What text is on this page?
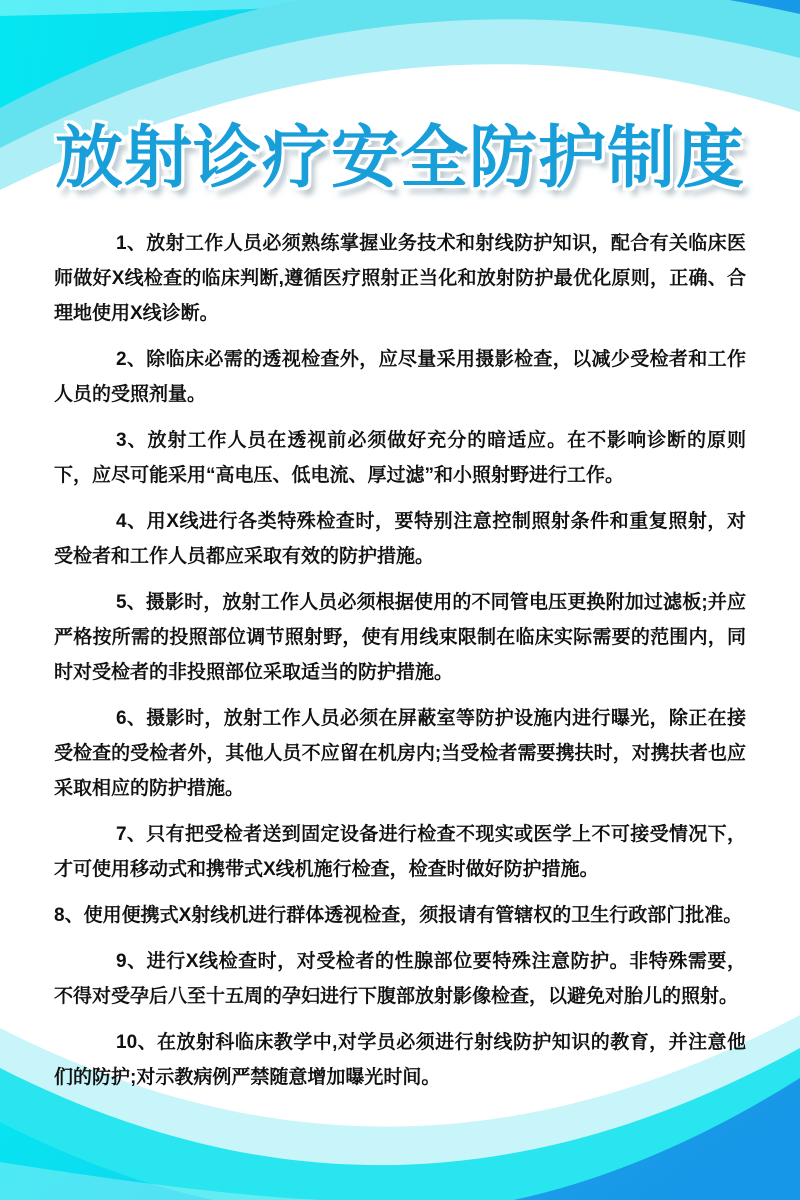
放射诊疗安全防护制度

1、放射工作人员必须熟练掌握业务技术和射线防护知识，配合有关临床医师做好X线检查的临床判断,遵循医疗照射正当化和放射防护最优化原则，正确、合理地使用X线诊断。

2、除临床必需的透视检查外，应尽量采用摄影检查，以减少受检者和工作人员的受照剂量。

3、放射工作人员在透视前必须做好充分的暗适应。在不影响诊断的原则下，应尽可能采用“高电压、低电流、厚过滤”和小照射野进行工作。

4、用X线进行各类特殊检查时，要特别注意控制照射条件和重复照射，对受检者和工作人员都应采取有效的防护措施。

5、摄影时，放射工作人员必须根据使用的不同管电压更换附加过滤板;并应严格按所需的投照部位调节照射野，使有用线束限制在临床实际需要的范围内，同时对受检者的非投照部位采取适当的防护措施。

6、摄影时，放射工作人员必须在屏蔽室等防护设施内进行曝光，除正在接受检查的受检者外，其他人员不应留在机房内;当受检者需要携扶时，对携扶者也应采取相应的防护措施。

7、只有把受检者送到固定设备进行检查不现实或医学上不可接受情况下，才可使用移动式和携带式X线机施行检查，检查时做好防护措施。

8、使用便携式X射线机进行群体透视检查，须报请有管辖权的卫生行政部门批准。

9、进行X线检查时，对受检者的性腺部位要特殊注意防护。非特殊需要，不得对受孕后八至十五周的孕妇进行下腹部放射影像检查，以避免对胎儿的照射。

10、在放射科临床教学中,对学员必须进行射线防护知识的教育，并注意他们的防护;对示教病例严禁随意增加曝光时间。
